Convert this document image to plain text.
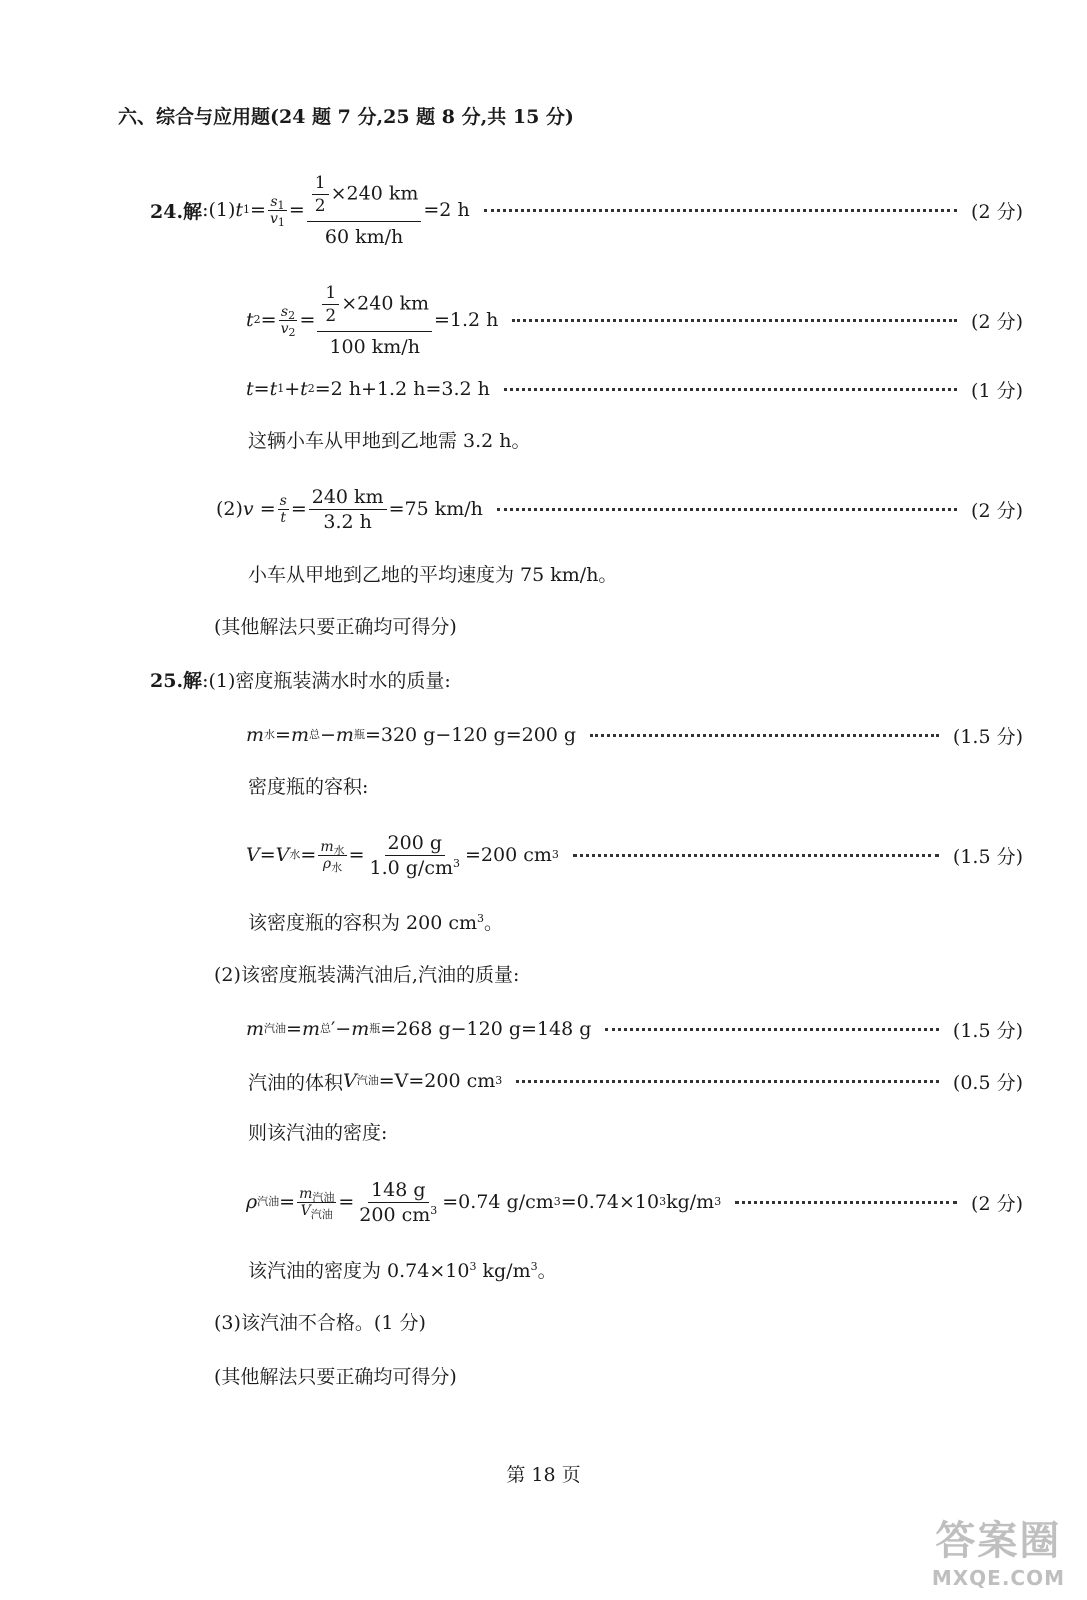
六、综合与应用题(24 题 7 分,25 题 8 分,共 15 分)
24.解 :(1) t $1 = \frac{s_1}{v_1} = \frac{\frac{1}{2} \times 240 km}{60 km/h} =2$ h	(2 分)
t $2 = \frac{s_2}{v_2} = \frac{\frac{1}{2} \times 240 km}{100 km/h} =1.2$ h	(2 分)
t = t 1 + t 2 =2 h+1.2 h=3.2 h	(1 分)
这辆小车从甲地到乙地需 3.2 h。
(2) $v = \frac{s}{t} = \frac{240 km}{3.2 h} =75$ km/h	(2 分)
小车从甲地到乙地的平均速度为 75 km/h。
(其他解法只要正确均可得分)
25.解:(1)密度瓶装满水时水的质量:
m 水 = m 总 − m 瓶 =320 g−120 g=200 g	(1.5 分)
密度瓶的容积:
V = V 水 = $\frac{m_水}{\rho_水} = \frac{200 g}{1.0 g/cm^3} =200$ cm 3	(1.5 分)
该密度瓶的容积为 200 $cm^3$。
(2)该密度瓶装满汽油后,汽油的质量:
m 汽油 = m 总 ′− m 瓶 =268 g−120 g=148 g	(1.5 分)
汽油的体积 V 汽油 =V=200 cm 3	(0.5 分)
则该汽油的密度:
ρ 汽油 = $\frac{m_{汽油}}{V_{汽油}} = \frac{148 g}{200 cm^3} =0.74$ g/cm 3 =0.74×10 3 kg/m 3	(2 分)
该汽油的密度为 $0.74\times 10^3$ $kg/m^3$。
(3)该汽油不合格。(1 分)
(其他解法只要正确均可得分)
第 18 页
答案圈
MXQE.COM
